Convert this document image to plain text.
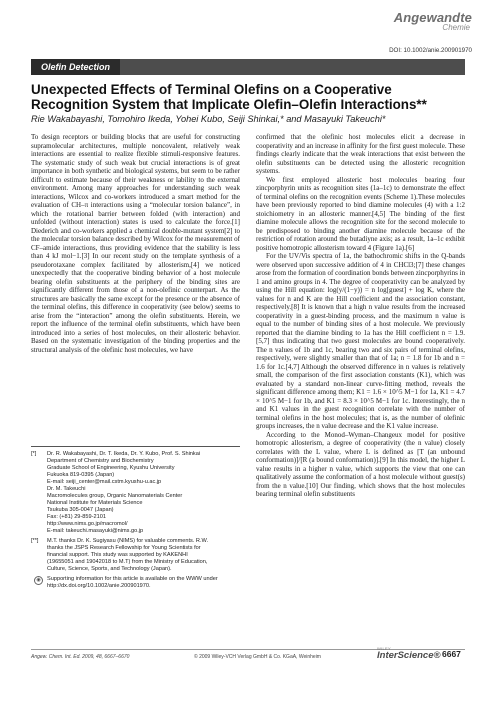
Angewandte
Chemie
DOI: 10.1002/anie.200901970
Olefin Detection
Unexpected Effects of Terminal Olefins on a Cooperative Recognition System that Implicate Olefin–Olefin Interactions**
Rie Wakabayashi, Tomohiro Ikeda, Yohei Kubo, Seiji Shinkai,* and Masayuki Takeuchi*

To design receptors or building blocks that are useful for constructing supramolecular architectures, multiple noncovalent, relatively weak interactions are essential to realize flexible stimuli-responsive features. The systematic study of such weak but crucial interactions is of great importance in both synthetic and biological systems, but seem to be rather difficult to estimate because of their weakness or lability to the external environment. Among many approaches for understanding such weak interactions, Wilcox and co-workers introduced a smart method for the evaluation of CH–π interactions using a “molecular torsion balance”, in which the rotational barrier between folded (with interaction) and unfolded (without interaction) states is used to calculate the force.[1] Diederich and co-workers applied a chemical double-mutant system[2] to the molecular torsion balance described by Wilcox for the measurement of CF–amide interactions, thus providing evidence that the stability is less than 4 kJ mol−1.[3] In our recent study on the template synthesis of a pseudorotaxane complex facilitated by allosterism,[4] we noticed unexpectedly that the cooperative binding behavior of a host molecule bearing olefin substituents at the periphery of the binding sites are significantly different from those of a non-olefinic counterpart. As the structures are basically the same except for the presence or the absence of the terminal olefins, this difference in cooperativity (see below) seems to arise from the “interaction” among the olefin substituents. Herein, we report the influence of the terminal olefin substituents, which have been introduced into a series of host molecules, on their allosteric behavior. Based on the systematic investigation of the binding properties and the structural analysis of the olefinic host molecules, we have

confirmed that the olefinic host molecules elicit a decrease in cooperativity and an increase in affinity for the first guest molecule. These findings clearly indicate that the weak interactions that exist between the olefin substituents can be detected using the allosteric recognition systems.

We first employed allosteric host molecules bearing four zincporphyrin units as recognition sites (1a–1c) to demonstrate the effect of terminal olefins on the recognition events (Scheme 1).These molecules have been previously reported to bind diamine molecules (4) with a 1:2 stoichiometry in an allosteric manner.[4,5] The binding of the first diamine molecule allows the recognition site for the second molecule to be predisposed to binding another diamine molecule because of the restriction of rotation around the butadiyne axis; as a result, 1a–1c exhibit positive homotropic allosterism toward 4 (Figure 1a).[6]

For the UV/Vis spectra of 1a, the bathochromic shifts in the Q-bands were observed upon successive addition of 4 in CHCl3;[7] these changes arose from the formation of coordination bonds between zincporphyrins in 1 and amino groups in 4. The degree of cooperativity can be analyzed by using the Hill equation: log(y/(1−y)) = n log[guest] + log K, where the values for n and K are the Hill coefficient and the association constant, respectively.[8] It is known that a high n value results from the increased cooperativity in a guest-binding process, and the maximum n value is equal to the number of binding sites of a host molecule. We previously reported that the diamine binding to 1a has the Hill coefficient n = 1.9.[5,7] thus indicating that two guest molecules are bound cooperatively. The n values of 1b and 1c, bearing two and six pairs of terminal olefins, respectively, were slightly smaller than that of 1a; n = 1.8 for 1b and n = 1.6 for 1c.[4,7] Although the observed difference in n values is relatively small, the comparison of the first association constants (K1), which was evaluated by a standard non-linear curve-fitting method, reveals the significant difference among them; K1 = 1.6 × 10^5 M−1 for 1a, K1 = 4.7 × 10^5 M−1 for 1b, and K1 = 8.3 × 10^5 M−1 for 1c. Interestingly, the n and K1 values in the guest recognition correlate with the number of terminal olefins in the host molecules; that is, as the number of olefinic groups increases, the n value decrease and the K1 value increase.

According to the Monod–Wyman–Changeux model for positive homotropic allosterism, a degree of cooperativity (the n value) closely correlates with the L value, where L is defined as [T (an unbound conformation)]/[R (a bound conformation)].[9] In this model, the higher L value results in a higher n value, which supports the view that one can qualitatively assume the conformation of a host molecule without guest(s) from the n value.[10] Our finding, which shows that the host molecules bearing terminal olefin substituents

[*] Dr. R. Wakabayashi, Dr. T. Ikeda, Dr. Y. Kubo, Prof. S. Shinkai
Department of Chemistry and Biochemistry
Graduate School of Engineering, Kyushu University
Fukuoka 819-0395 (Japan)
E-mail: seiji_center@mail.cstm.kyushu-u.ac.jp
Dr. M. Takeuchi
Macromolecules group, Organic Nanomaterials Center
National Institute for Materials Science
Tsukuba 305-0047 (Japan)
Fax: (+81) 29-859-2101
http://www.nims.go.jp/macromol/
E-mail: takeuchi.masayuki@nims.go.jp
[**] M.T. thanks Dr. K. Sugiyasu (NIMS) for valuable comments. R.W.
thanks the JSPS Research Fellowship for Young Scientists for
financial support. This study was supported by KAKENHI
(19655051 and 19042018 to M.T) from the Ministry of Education,
Culture, Science, Sports, and Technology (Japan).
◉	Supporting information for this article is available on the WWW under http://dx.doi.org/10.1002/anie.200901970.
Angew. Chem. Int. Ed. 2009, 48, 6667–6670	© 2009 Wiley-VCH Verlag GmbH & Co. KGaA, Weinheim
WILEY
InterScience® 6667
